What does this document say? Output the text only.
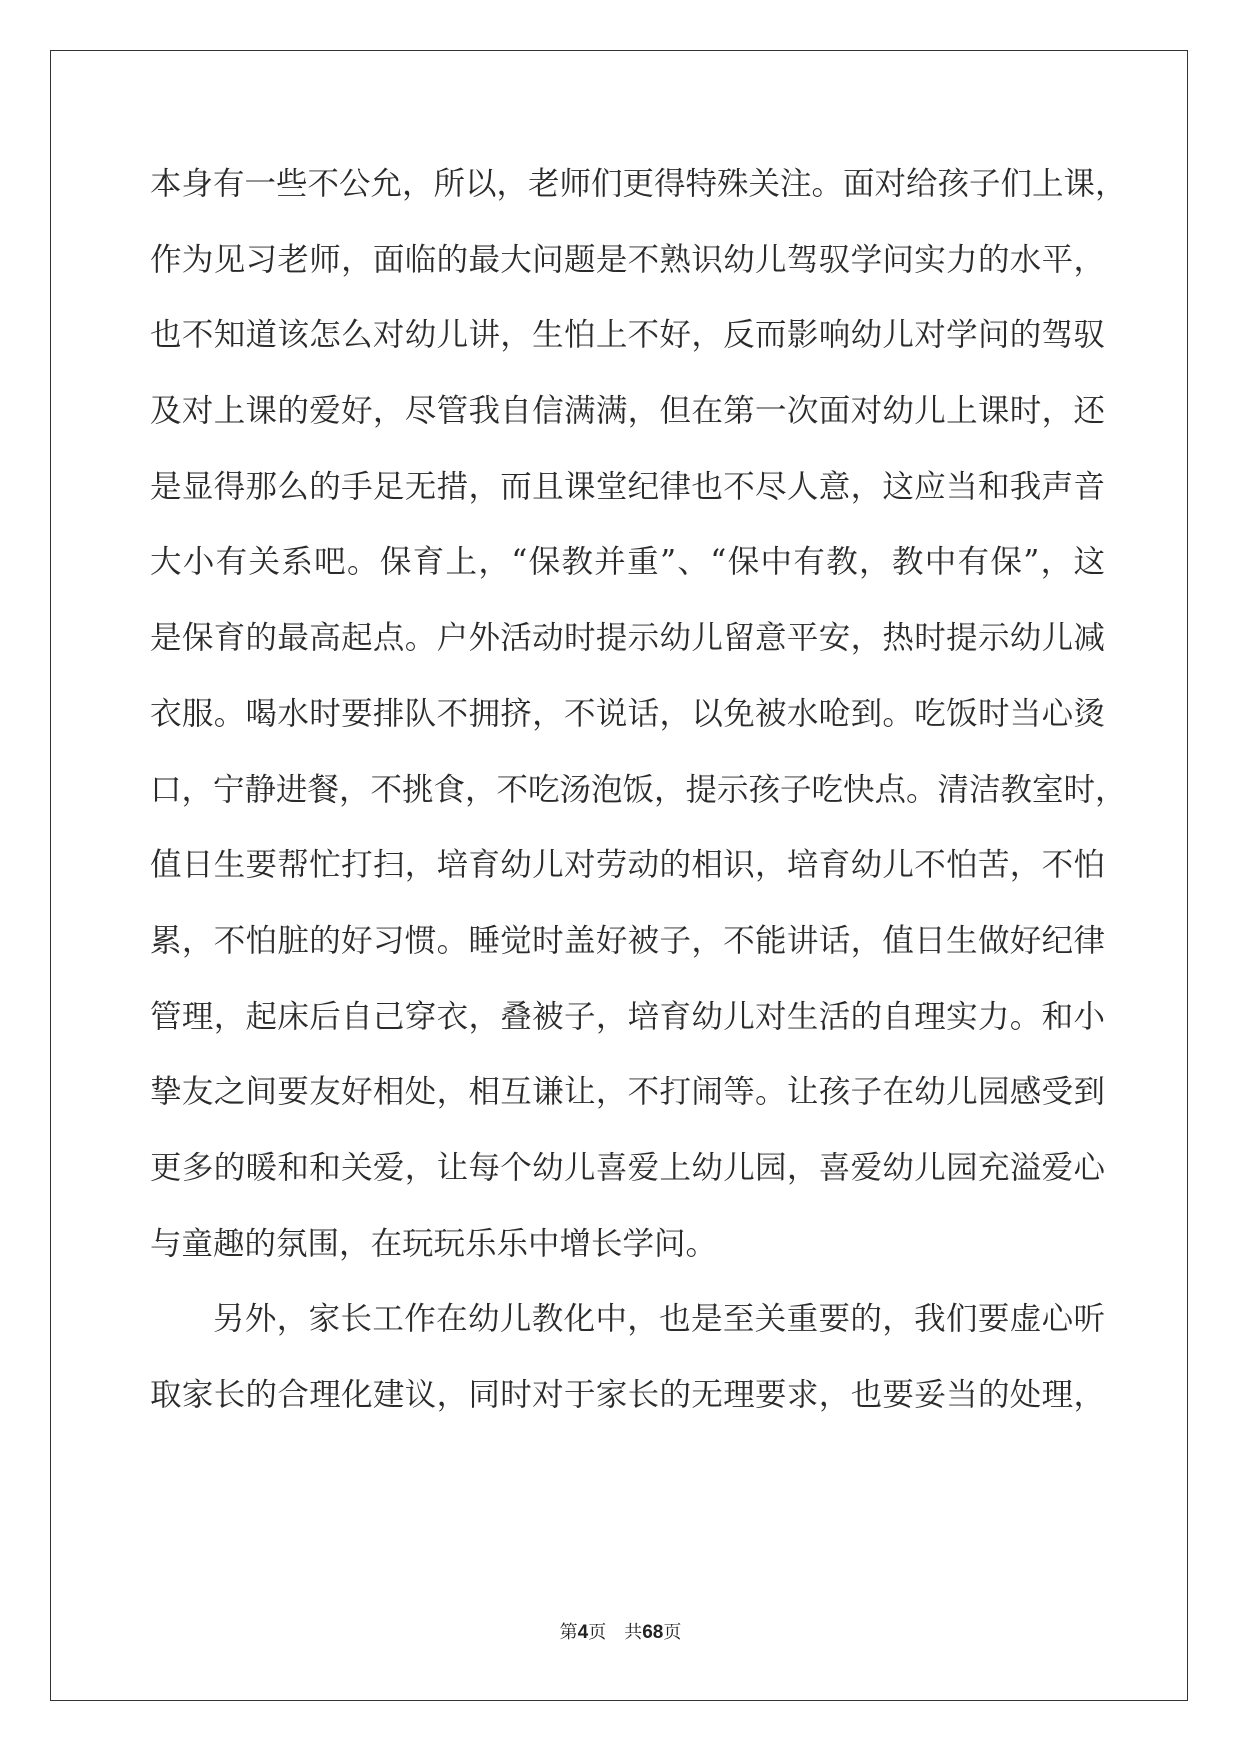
本身有一些不公允，所以，老师们更得特殊关注。面对给孩子们上课，
作为见习老师，面临的最大问题是不熟识幼儿驾驭学问实力的水平，
也不知道该怎么对幼儿讲，生怕上不好，反而影响幼儿对学问的驾驭
及对上课的爱好，尽管我自信满满，但在第一次面对幼儿上课时，还
是显得那么的手足无措，而且课堂纪律也不尽人意，这应当和我声音
大小有关系吧。保育上，“保教并重”、“保中有教，教中有保”，这
是保育的最高起点。户外活动时提示幼儿留意平安，热时提示幼儿减
衣服。喝水时要排队不拥挤，不说话，以免被水呛到。吃饭时当心烫
口，宁静进餐，不挑食，不吃汤泡饭，提示孩子吃快点。清洁教室时，
值日生要帮忙打扫，培育幼儿对劳动的相识，培育幼儿不怕苦，不怕
累，不怕脏的好习惯。睡觉时盖好被子，不能讲话，值日生做好纪律
管理，起床后自己穿衣，叠被子，培育幼儿对生活的自理实力。和小
挚友之间要友好相处，相互谦让，不打闹等。让孩子在幼儿园感受到
更多的暖和和关爱，让每个幼儿喜爱上幼儿园，喜爱幼儿园充溢爱心
与童趣的氛围，在玩玩乐乐中增长学问。
另外，家长工作在幼儿教化中，也是至关重要的，我们要虚心听
取家长的合理化建议，同时对于家长的无理要求，也要妥当的处理，
第4页 共68页
